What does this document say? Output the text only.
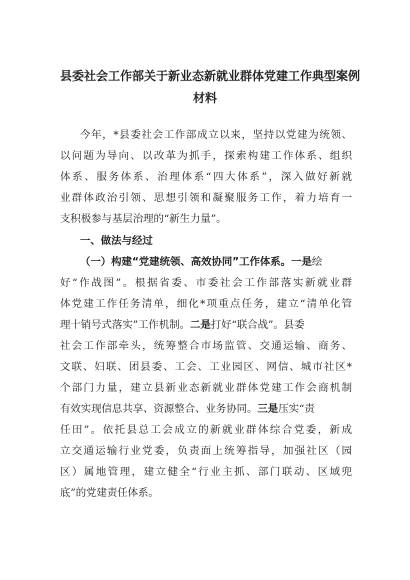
县委社会工作部关于新业态新就业群体党建工作典型案例
材料
今年，*县委社会工作部成立以来，坚持以党建为统领、
以问题为导向、以改革为抓手，探索构建工作体系、组织
体系、服务体系、治理体系“四大体系”，深入做好新就
业群体政治引领、思想引领和凝聚服务工作，着力培育一
支积极参与基层治理的“新生力量”。
一、做法与经过
（一）构建“党建统领、高效协同”工作体系。一是绘
好“作战图”。根据省委、市委社会工作部落实新就业群
体党建工作任务清单，细化*项重点任务，建立“清单化管
理十销号式落实”工作机制。二是打好“联合战”。县委
社会工作部牵头，统筹整合市场监管、交通运输、商务、
文联、妇联、团县委、工会、工业园区、网信、城市社区*
个部门力量，建立县新业态新就业群体党建工作会商机制
有效实现信息共享、资源整合、业务协同。三是压实“责
任田”。依托县总工会成立的新就业群体综合党委，新成
立交通运输行业党委，负责面上统筹指导，加强社区（园
区）属地管理，建立健全“行业主抓、部门联动、区域兜
底”的党建责任体系。
